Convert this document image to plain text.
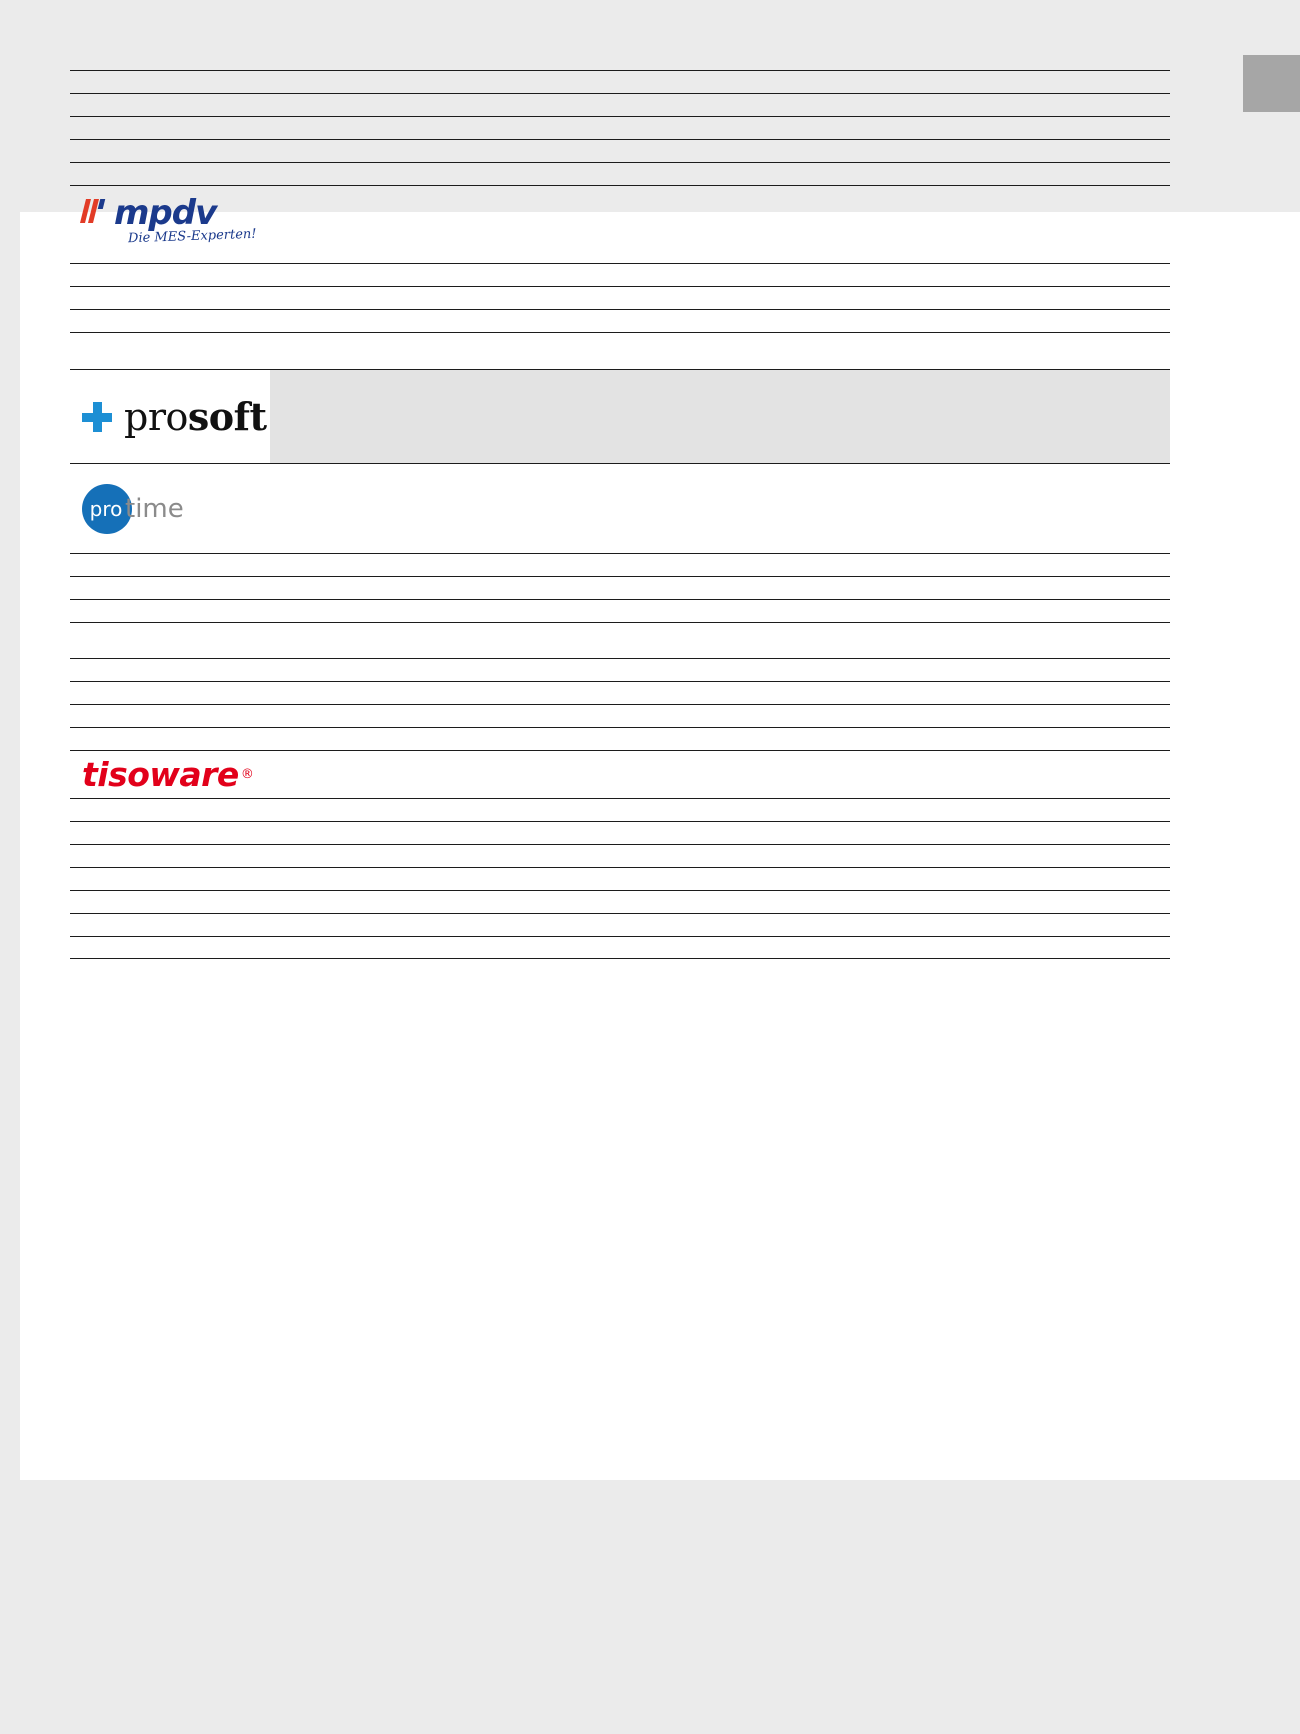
mpdv
Die MES-Experten!
prosoft
pro time
tisoware ®
